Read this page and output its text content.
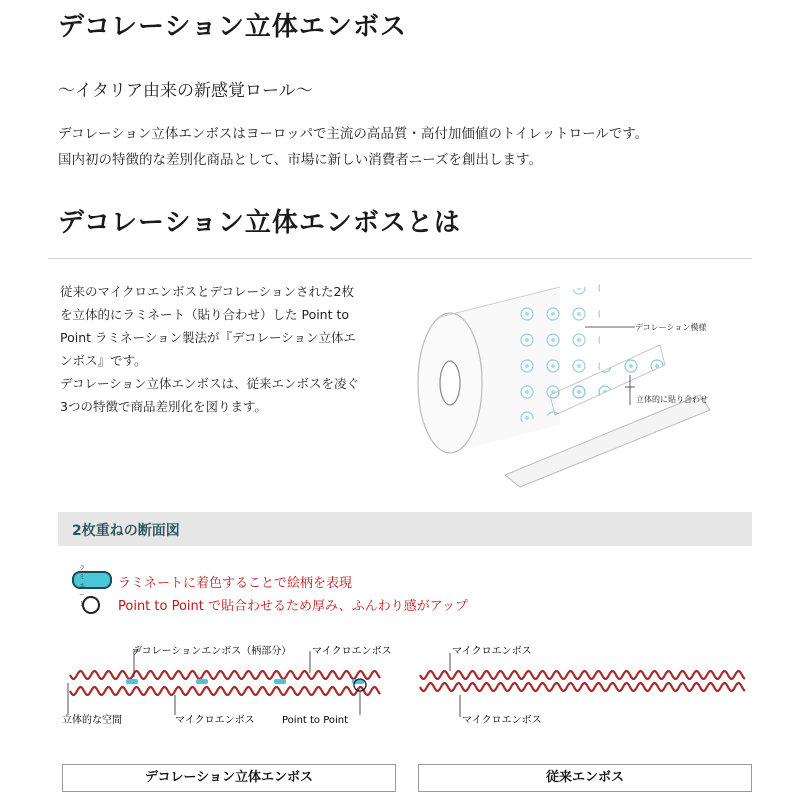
デコレーション立体エンボス
〜イタリア由来の新感覚ロール〜
デコレーション立体エンボスはヨーロッパで主流の高品質・高付加価値のトイレットロールです。
国内初の特徴的な差別化商品として、市場に新しい消費者ニーズを創出します。
デコレーション立体エンボスとは

従来のマイクロエンボスとデコレーションされた2枚

を立体的にラミネート（貼り合わせ）した Point to

Point ラミネーション製法が『デコレーション立体エ

ンボス』です。

デコレーション立体エンボスは、従来エンボスを凌ぐ

3つの特徴で商品差別化を図ります。

デコレーション模様
立体的に貼り合わせ
2枚重ねの断面図
ラミネート
ラミネートに着色することで絵柄を表現
Point to Point で貼合わせるため厚み、ふんわり感がアップ
デコレーションエンボス（柄部分） マイクロエンボス
立体的な空間	マイクロエンボス	Point to Point
マイクロエンボス
マイクロエンボス
デコレーション立体エンボス	従来エンボス
